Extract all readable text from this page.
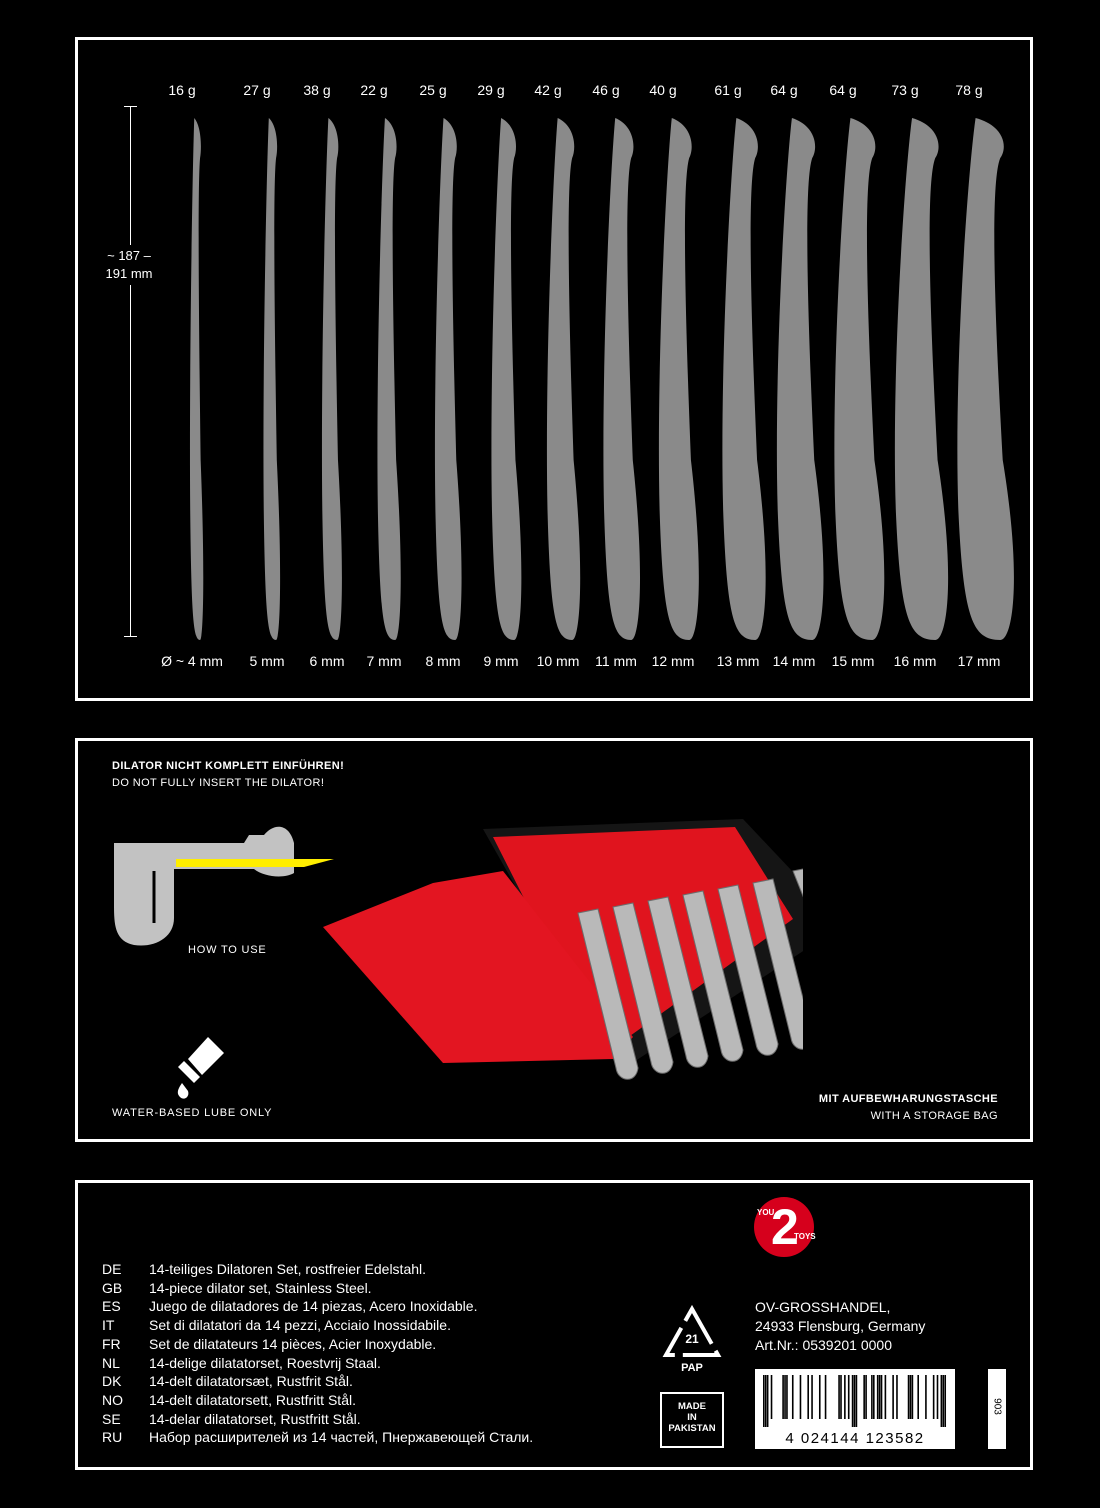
~ 187 –
191 mm
16 g	27 g	38 g	22 g	25 g	29 g	42 g	46 g	40 g	61 g	64 g	64 g	73 g	78 g
Ø ~ 4 mm	5 mm	6 mm	7 mm	8 mm	9 mm	10 mm	11 mm	12 mm	13 mm 14 mm	15 mm	16 mm	17 mm
DILATOR NICHT KOMPLETT EINFÜHREN!
DO NOT FULLY INSERT THE DILATOR!
HOW TO USE
WATER-BASED LUBE ONLY
MIT AUFBEWHARUNGSTASCHE
WITH A STORAGE BAG
DE	14-teiliges Dilatoren Set, rostfreier Edelstahl.
GB	14-piece dilator set, Stainless Steel.
ES	Juego de dilatadores de 14 piezas, Acero Inoxidable.
IT	Set di dilatatori da 14 pezzi, Acciaio Inossidabile.
FR	Set de dilatateurs 14 pièces, Acier Inoxydable.
NL	14-delige dilatatorset, Roestvrij Staal.
DK	14-delt dilatatorsæt, Rustfrit Stål.
NO	14-delt dilatatorsett, Rustfritt Stål.
SE	14-delar dilatatorset, Rustfritt Stål.
RU	Набор расширителей из 14 частей, Пнержавеющей Стали.
21
PAP
MADE
IN
PAKISTAN
YOU
2
TOYS
OV-GROSSHANDEL,
24933 Flensburg, Germany
Art.Nr.: 0539201 0000
4 024144 123582
903
